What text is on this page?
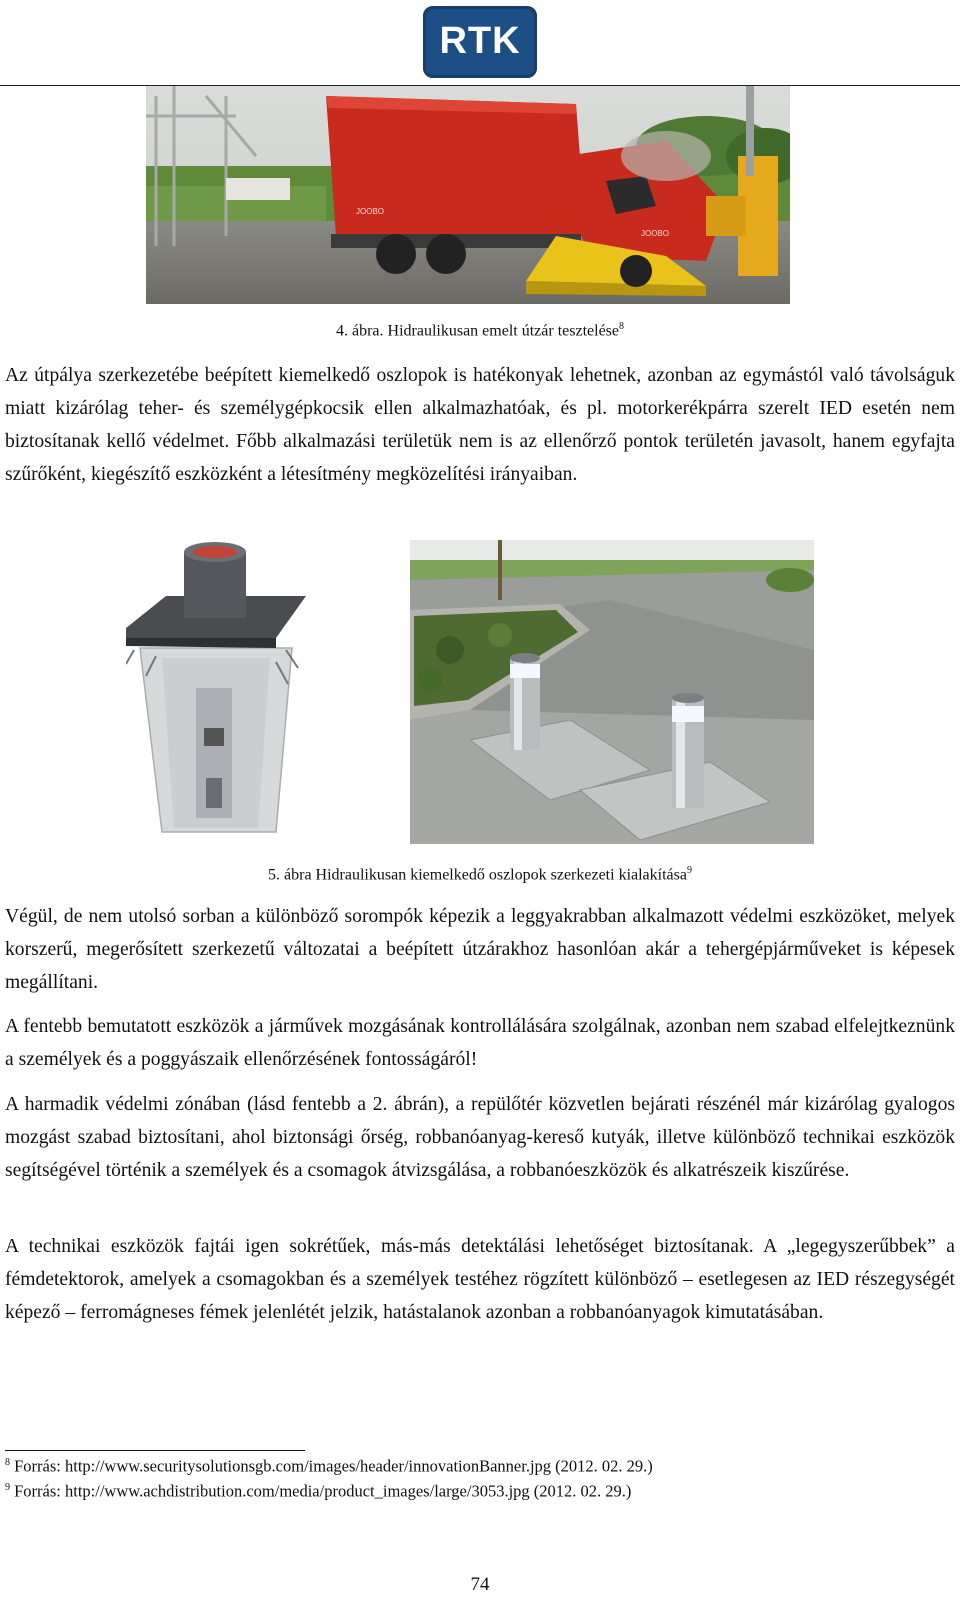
RTK
JOOBO
JOOBO
4. ábra. Hidraulikusan emelt útzár tesztelése$^8$

Az útpálya szerkezetébe beépített kiemelkedő oszlopok is hatékonyak lehetnek, azonban az egymástól való távolságuk miatt kizárólag teher- és személygépkocsik ellen alkalmazhatóak, és pl. motorkerékpárra szerelt IED esetén nem biztosítanak kellő védelmet. Főbb alkalmazási területük nem is az ellenőrző pontok területén javasolt, hanem egyfajta szűrőként, kiegészítő eszközként a létesítmény megközelítési irányaiban.

5. ábra Hidraulikusan kiemelkedő oszlopok szerkezeti kialakítása$^9$

Végül, de nem utolsó sorban a különböző sorompók képezik a leggyakrabban alkalmazott védelmi eszközöket, melyek korszerű, megerősített szerkezetű változatai a beépített útzárakhoz hasonlóan akár a tehergépjárműveket is képesek megállítani.

A fentebb bemutatott eszközök a járművek mozgásának kontrollálására szolgálnak, azonban nem szabad elfelejtkeznünk a személyek és a poggyászaik ellenőrzésének fontosságáról!

A harmadik védelmi zónában (lásd fentebb a 2. ábrán), a repülőtér közvetlen bejárati részénél már kizárólag gyalogos mozgást szabad biztosítani, ahol biztonsági őrség, robbanóanyag-kereső kutyák, illetve különböző technikai eszközök segítségével történik a személyek és a csomagok átvizsgálása, a robbanóeszközök és alkatrészeik kiszűrése.

A technikai eszközök fajtái igen sokrétűek, más-más detektálási lehetőséget biztosítanak. A „legegyszerűbbek” a fémdetektorok, amelyek a csomagokban és a személyek testéhez rögzített különböző – esetlegesen az IED részegységét képező – ferromágneses fémek jelenlétét jelzik, hatástalanok azonban a robbanóanyagok kimutatásában.

$^8$ Forrás: http://www.securitysolutionsgb.com/images/header/innovationBanner.jpg (2012. 02. 29.)
$^9$ Forrás: http://www.achdistribution.com/media/product_images/large/3053.jpg (2012. 02. 29.)
74
